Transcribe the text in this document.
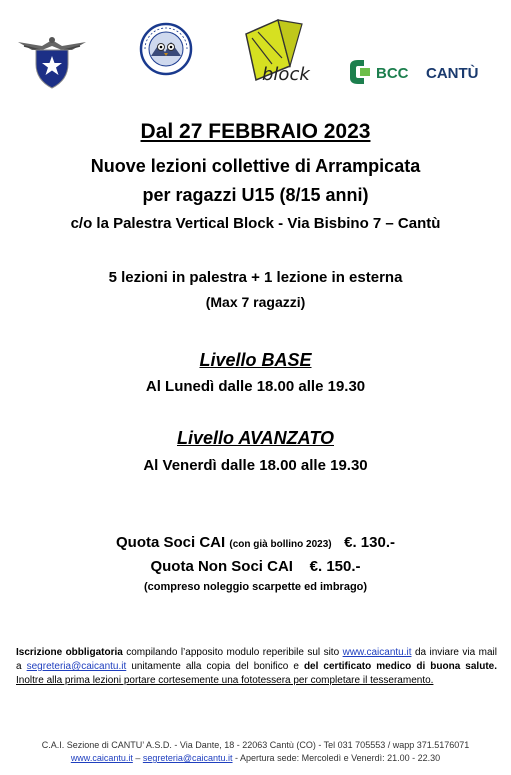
block	BCC CANTÙ
Dal 27 FEBBRAIO 2023
Nuove lezioni collettive di Arrampicata
per ragazzi U15 (8/15 anni)
c/o la Palestra Vertical Block - Via Bisbino 7 – Cantù
5 lezioni in palestra + 1 lezione in esterna
(Max 7 ragazzi)
Livello BASE
Al Lunedì dalle 18.00 alle 19.30
Livello AVANZATO
Al Venerdì dalle 18.00 alle 19.30
Quota Soci CAI (con già bollino 2023) €. 130.-
Quota Non Soci CAI €. 150.-
(compreso noleggio scarpette ed imbrago)
Iscrizione obbligatoria compilando l’apposito modulo reperibile sul sito www.caicantu.it da inviare via mail a segreteria@caicantu.it unitamente alla copia del bonifico e del certificato medico di buona salute. Inoltre alla prima lezioni portare cortesemente una fototessera per completare il tesseramento.
C.A.I. Sezione di CANTU’ A.S.D. - Via Dante, 18 - 22063 Cantù (CO) - Tel 031 705553 / wapp 371.5176071
www.caicantu.it – segreteria@caicantu.it - Apertura sede: Mercoledì e Venerdì: 21.00 - 22.30
